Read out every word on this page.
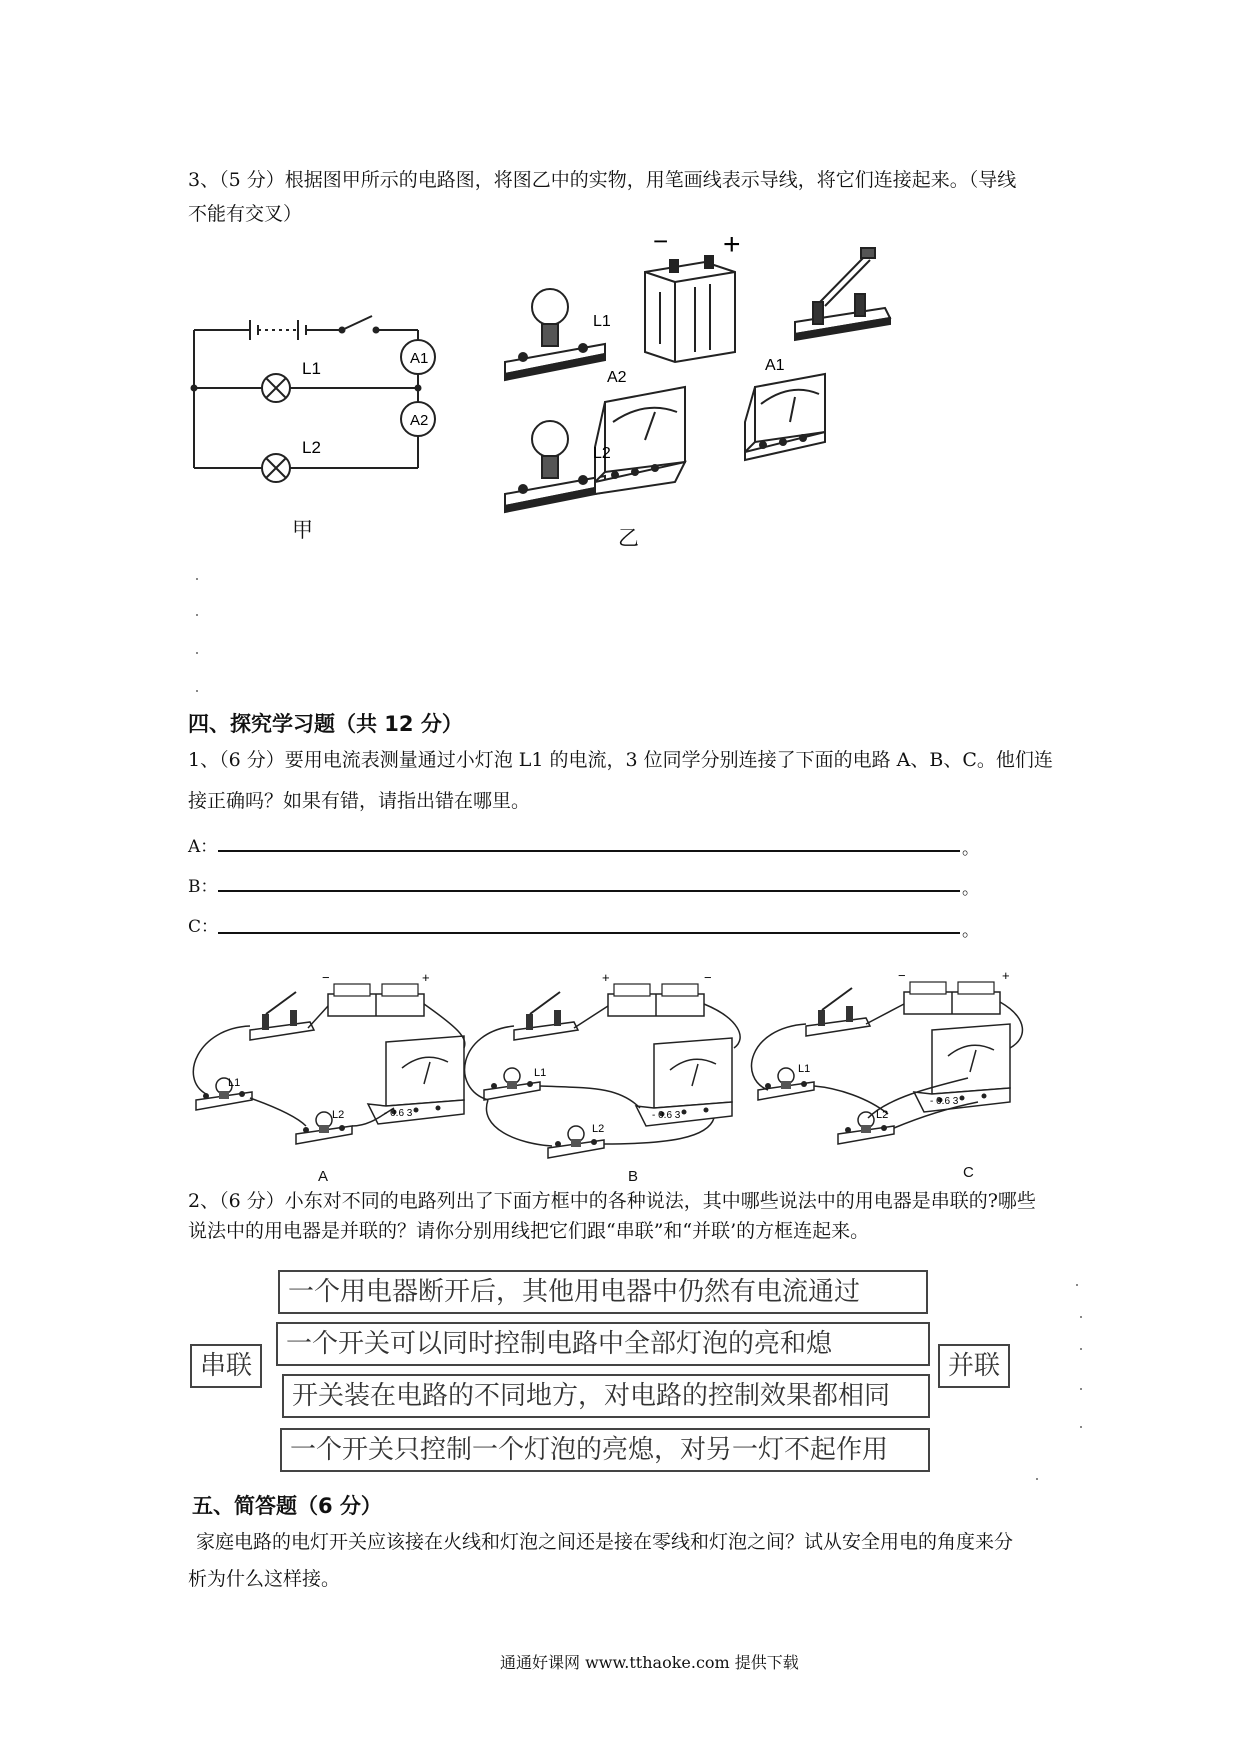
3、（5 分）根据图甲所示的电路图，将图乙中的实物，用笔画线表示导线，将它们连接起来。（导线
不能有交叉）
A1
A2
L1
L2
甲
L1
L2
A2
A1
− +
乙
四、探究学习题（共 12 分）
1、（6 分）要用电流表测量通过小灯泡 L1 的电流，3 位同学分别连接了下面的电路 A、B、C。他们连
接正确吗？如果有错，请指出错在哪里。
A：	。
B：	。
C：	。
L1
L2
L1
L2
L1
L2
−	+	+	−	−	+
- 0.6 3	- 0.6 3
- 0.6 3
A	B	C
2、（6 分）小东对不同的电路列出了下面方框中的各种说法，其中哪些说法中的用电器是串联的?哪些
说法中的用电器是并联的？请你分别用线把它们跟“串联”和“并联’的方框连起来。
串联	并联
一个用电器断开后，其他用电器中仍然有电流通过
一个开关可以同时控制电路中全部灯泡的亮和熄
开关装在电路的不同地方，对电路的控制效果都相同
一个开关只控制一个灯泡的亮熄，对另一灯不起作用
五、简答题（6 分）
家庭电路的电灯开关应该接在火线和灯泡之间还是接在零线和灯泡之间？试从安全用电的角度来分
析为什么这样接。
通通好课网 www.tthaoke.com 提供下载
